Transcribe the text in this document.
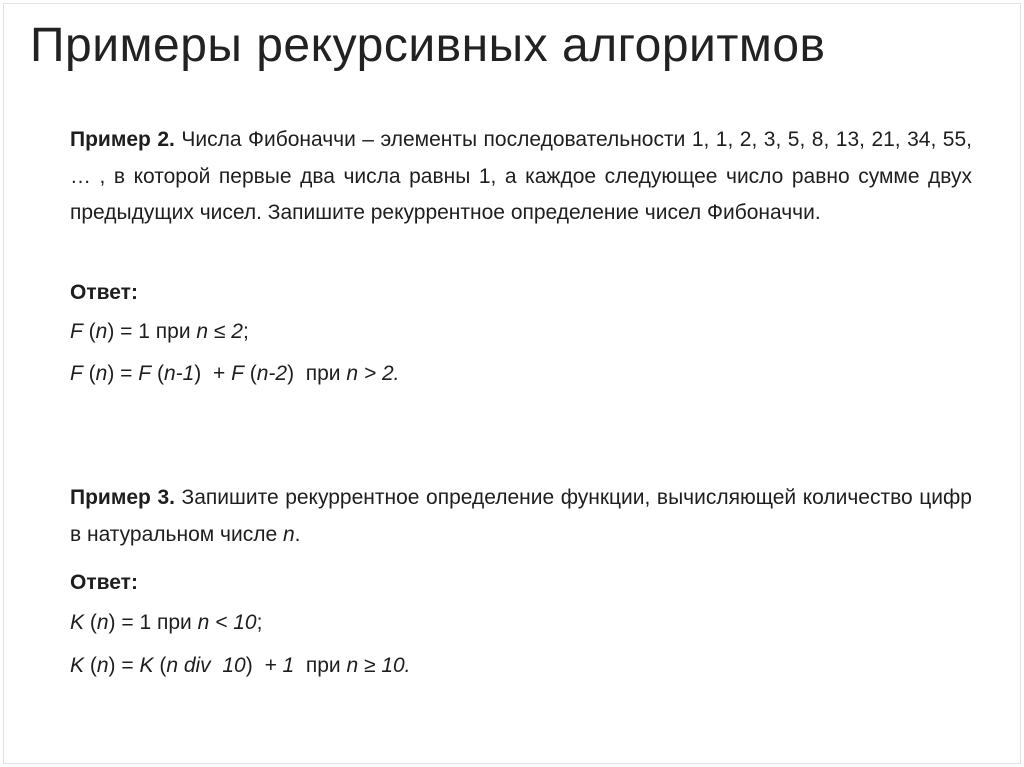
Примеры рекурсивных алгоритмов
Пример 2. Числа Фибоначчи – элементы последовательности 1, 1, 2, 3, 5, 8, 13, 21, 34, 55, … , в которой первые два числа равны 1, а каждое следующее число равно сумме двух предыдущих чисел. Запишите рекуррентное определение чисел Фибоначчи.
Ответ:
F (n) = 1 при n ≤ 2;
F (n) = F (n-1)  + F (n-2)  при n > 2.
Пример 3. Запишите рекуррентное определение функции, вычисляющей количество цифр в натуральном числе n.
Ответ:
K (n) = 1 при n < 10;
K (n) = K (n div  10)  + 1  при n ≥ 10.
